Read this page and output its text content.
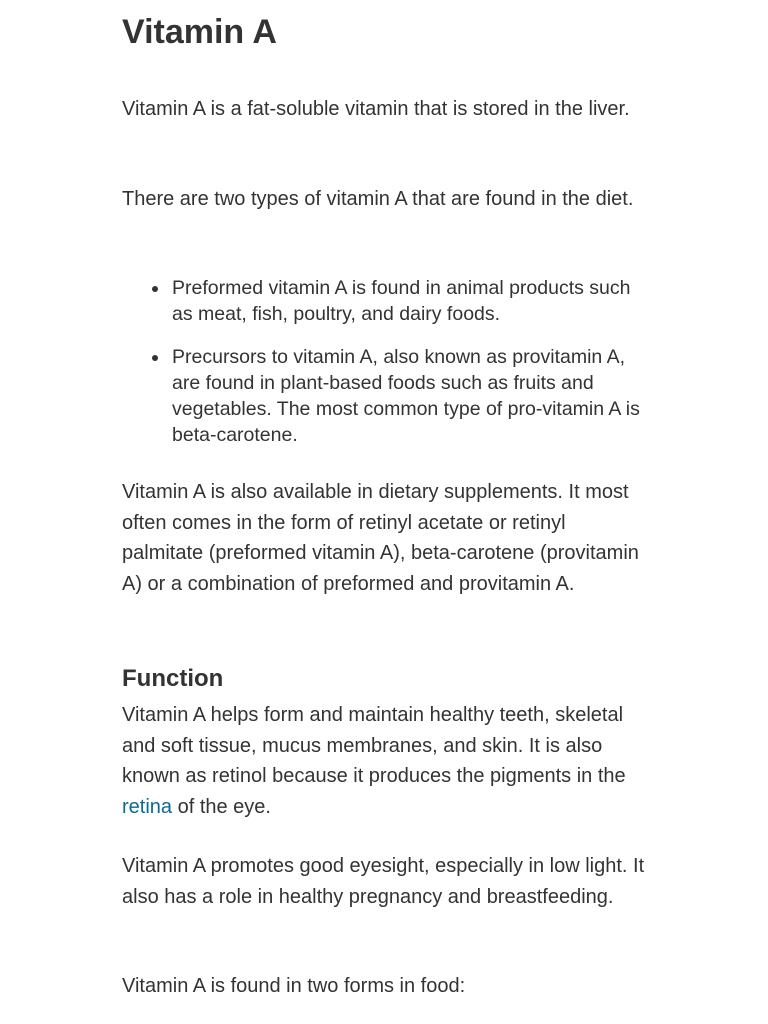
Vitamin A

Vitamin A is a fat-soluble vitamin that is stored in the liver.

There are two types of vitamin A that are found in the diet.

Preformed vitamin A is found in animal products such as meat, fish, poultry, and dairy foods.
Precursors to vitamin A, also known as provitamin A, are found in plant-based foods such as fruits and vegetables. The most common type of pro-vitamin A is beta-carotene.

Vitamin A is also available in dietary supplements. It most often comes in the form of retinyl acetate or retinyl palmitate (preformed vitamin A), beta-carotene (provitamin A) or a combination of preformed and provitamin A.

Function

Vitamin A helps form and maintain healthy teeth, skeletal and soft tissue, mucus membranes, and skin. It is also known as retinol because it produces the pigments in the retina of the eye.

Vitamin A promotes good eyesight, especially in low light. It also has a role in healthy pregnancy and breastfeeding.

Vitamin A is found in two forms in food:
